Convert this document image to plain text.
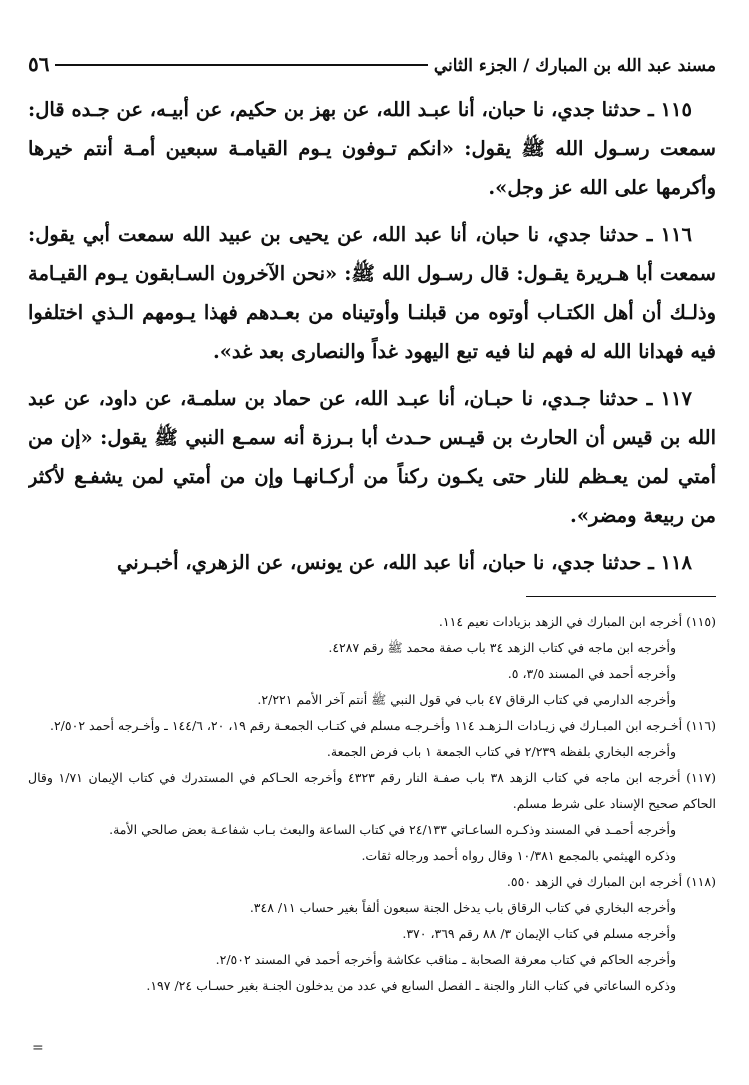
مسند عبد الله بن المبارك / الجزء الثاني
٥٦

١١٥ ـ حدثنا جدي، نا حبان، أنا عبـد الله، عن بهز بن حكيم، عن أبيـه، عن جـده قال: سمعت رسـول الله ﷺ يقول: «انكم تـوفون يـوم القيامـة سبعين أمـة أنتم خيرها وأكرمها على الله عز وجل».

١١٦ ـ حدثنا جدي، نا حبان، أنا عبد الله، عن يحيى بن عبيد الله سمعت أبي يقول: سمعت أبا هـريرة يقـول: قال رسـول الله ﷺ: «نحن الآخرون السـابقون يـوم القيـامة وذلـك أن أهل الكتـاب أوتوه من قبلنـا وأوتيناه من بعـدهم فهذا يـومهم الـذي اختلفوا فيه فهدانا الله له فهم لنا فيه تبع اليهود غداً والنصارى بعد غد».

١١٧ ـ حدثنا جـدي، نا حبـان، أنا عبـد الله، عن حماد بن سلمـة، عن داود، عن عبد الله بن قيس أن الحارث بن قيـس حـدث أبا بـرزة أنه سمـع النبي ﷺ يقول: «إن من أمتي لمن يعـظم للنار حتى يكـون ركناً من أركـانهـا وإن من أمتي لمن يشفـع لأكثر من ربيعة ومضر».

١١٨ ـ حدثنا جدي، نا حبان، أنا عبد الله، عن يونس، عن الزهري، أخبـرني

(١١٥) أخرجه ابن المبارك في الزهد بزيادات نعيم ١١٤.
وأخرجه ابن ماجه في كتاب الزهد ٣٤ باب صفة محمد ﷺ رقم ٤٢٨٧.
وأخرجه أحمد في المسند ٣/٥، ٥.
وأخرجه الدارمي في كتاب الرقاق ٤٧ باب في قول النبي ﷺ أنتم آخر الأمم ٢/٢٢١.
(١١٦) أخـرجه ابن المبـارك في زيـادات الـزهـد ١١٤ وأخـرجـه مسلم في كتـاب الجمعـة رقم ١٩، ٢٠، ١٤٤/٦ ـ وأخـرجه أحمد ٢/٥٠٢.
وأخرجه البخاري بلفظه ٢/٢٣٩ في كتاب الجمعة ١ باب فرض الجمعة.
(١١٧) أخرجه ابن ماجه في كتاب الزهد ٣٨ باب صفـة النار رقم ٤٣٢٣ وأخرجه الحـاكم في المستدرك في كتاب الإيمان ١/٧١ وقال الحاكم صحيح الإسناد على شرط مسلم.
وأخرجه أحمـد في المسند وذكـره الساعـاتي ٢٤/١٣٣ في كتاب الساعة والبعث بـاب شفاعـة بعض صالحي الأمة.
وذكره الهيثمي بالمجمع ١٠/٣٨١ وقال رواه أحمد ورجاله ثقات.
(١١٨) أخرجه ابن المبارك في الزهد ٥٥٠.
وأخرجه البخاري في كتاب الرقاق باب يدخل الجنة سبعون ألفاً بغير حساب ١١/ ٣٤٨.
وأخرجه مسلم في كتاب الإيمان ٣/ ٨٨ رقم ٣٦٩، ٣٧٠.
وأخرجه الحاكم في كتاب معرفة الصحابة ـ مناقب عكاشة وأخرجه أحمد في المسند ٢/٥٠٢.
وذكره الساعاتي في كتاب النار والجنة ـ الفصل السابع في عدد من يدخلون الجنـة بغير حسـاب ٢٤/ ١٩٧.
=
